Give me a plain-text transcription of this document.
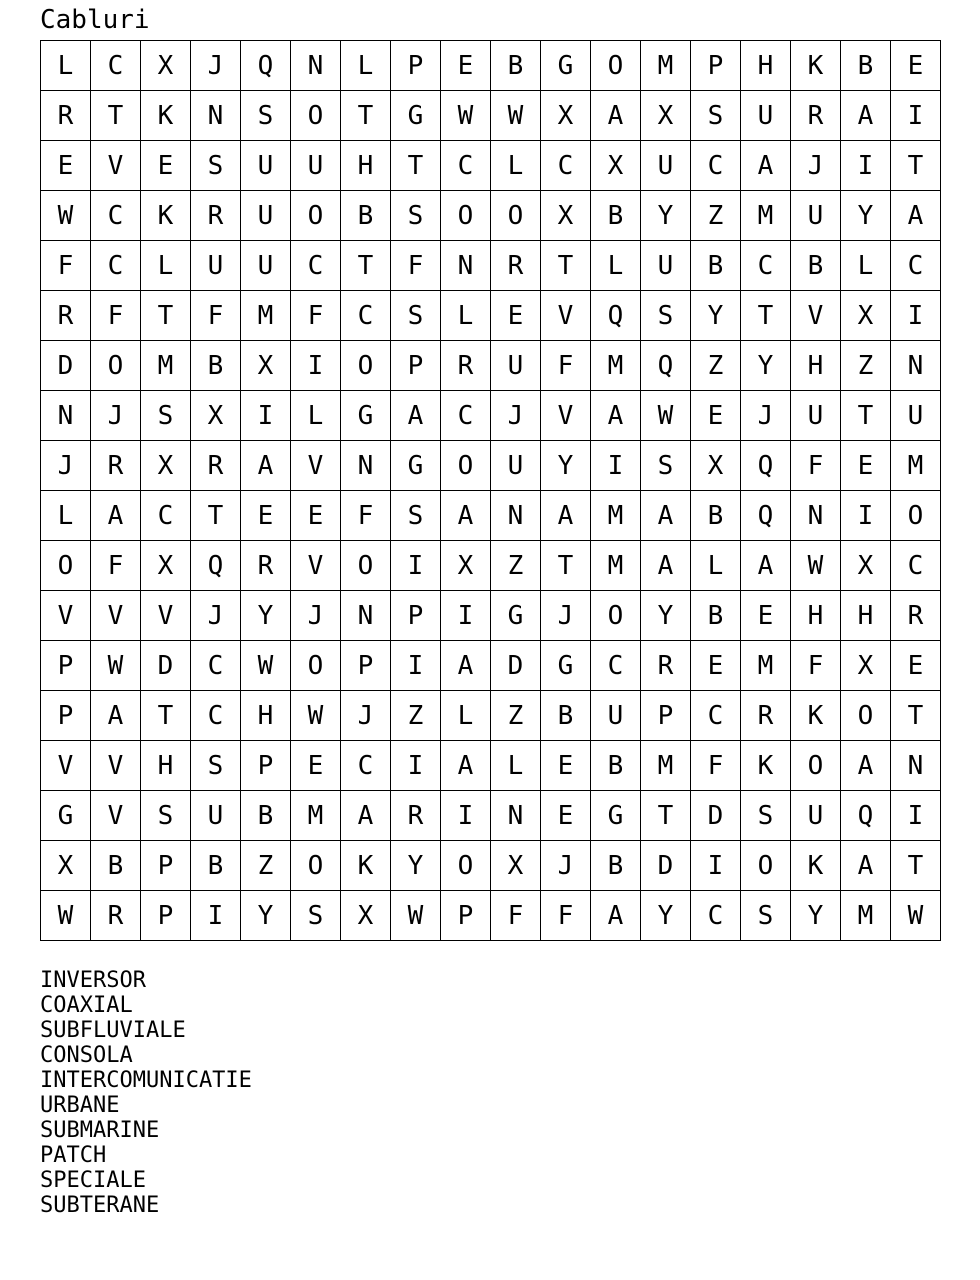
Cabluri
L	C	X	J	Q	N	L	P	E	B	G	O	M	P	H	K	B	E
R	T	K	N	S	O	T	G	W	W	X	A	X	S	U	R	A	I
E	V	E	S	U	U	H	T	C	L	C	X	U	C	A	J	I	T
W	C	K	R	U	O	B	S	O	O	X	B	Y	Z	M	U	Y	A
F	C	L	U	U	C	T	F	N	R	T	L	U	B	C	B	L	C
R	F	T	F	M	F	C	S	L	E	V	Q	S	Y	T	V	X	I
D	O	M	B	X	I	O	P	R	U	F	M	Q	Z	Y	H	Z	N
N	J	S	X	I	L	G	A	C	J	V	A	W	E	J	U	T	U
J	R	X	R	A	V	N	G	O	U	Y	I	S	X	Q	F	E	M
L	A	C	T	E	E	F	S	A	N	A	M	A	B	Q	N	I	O
O	F	X	Q	R	V	O	I	X	Z	T	M	A	L	A	W	X	C
V	V	V	J	Y	J	N	P	I	G	J	O	Y	B	E	H	H	R
P	W	D	C	W	O	P	I	A	D	G	C	R	E	M	F	X	E
P	A	T	C	H	W	J	Z	L	Z	B	U	P	C	R	K	O	T
V	V	H	S	P	E	C	I	A	L	E	B	M	F	K	O	A	N
G	V	S	U	B	M	A	R	I	N	E	G	T	D	S	U	Q	I
X	B	P	B	Z	O	K	Y	O	X	J	B	D	I	O	K	A	T
W	R	P	I	Y	S	X	W	P	F	F	A	Y	C	S	Y	M	W
INVERSOR
COAXIAL
SUBFLUVIALE
CONSOLA
INTERCOMUNICATIE
URBANE
SUBMARINE
PATCH
SPECIALE
SUBTERANE
